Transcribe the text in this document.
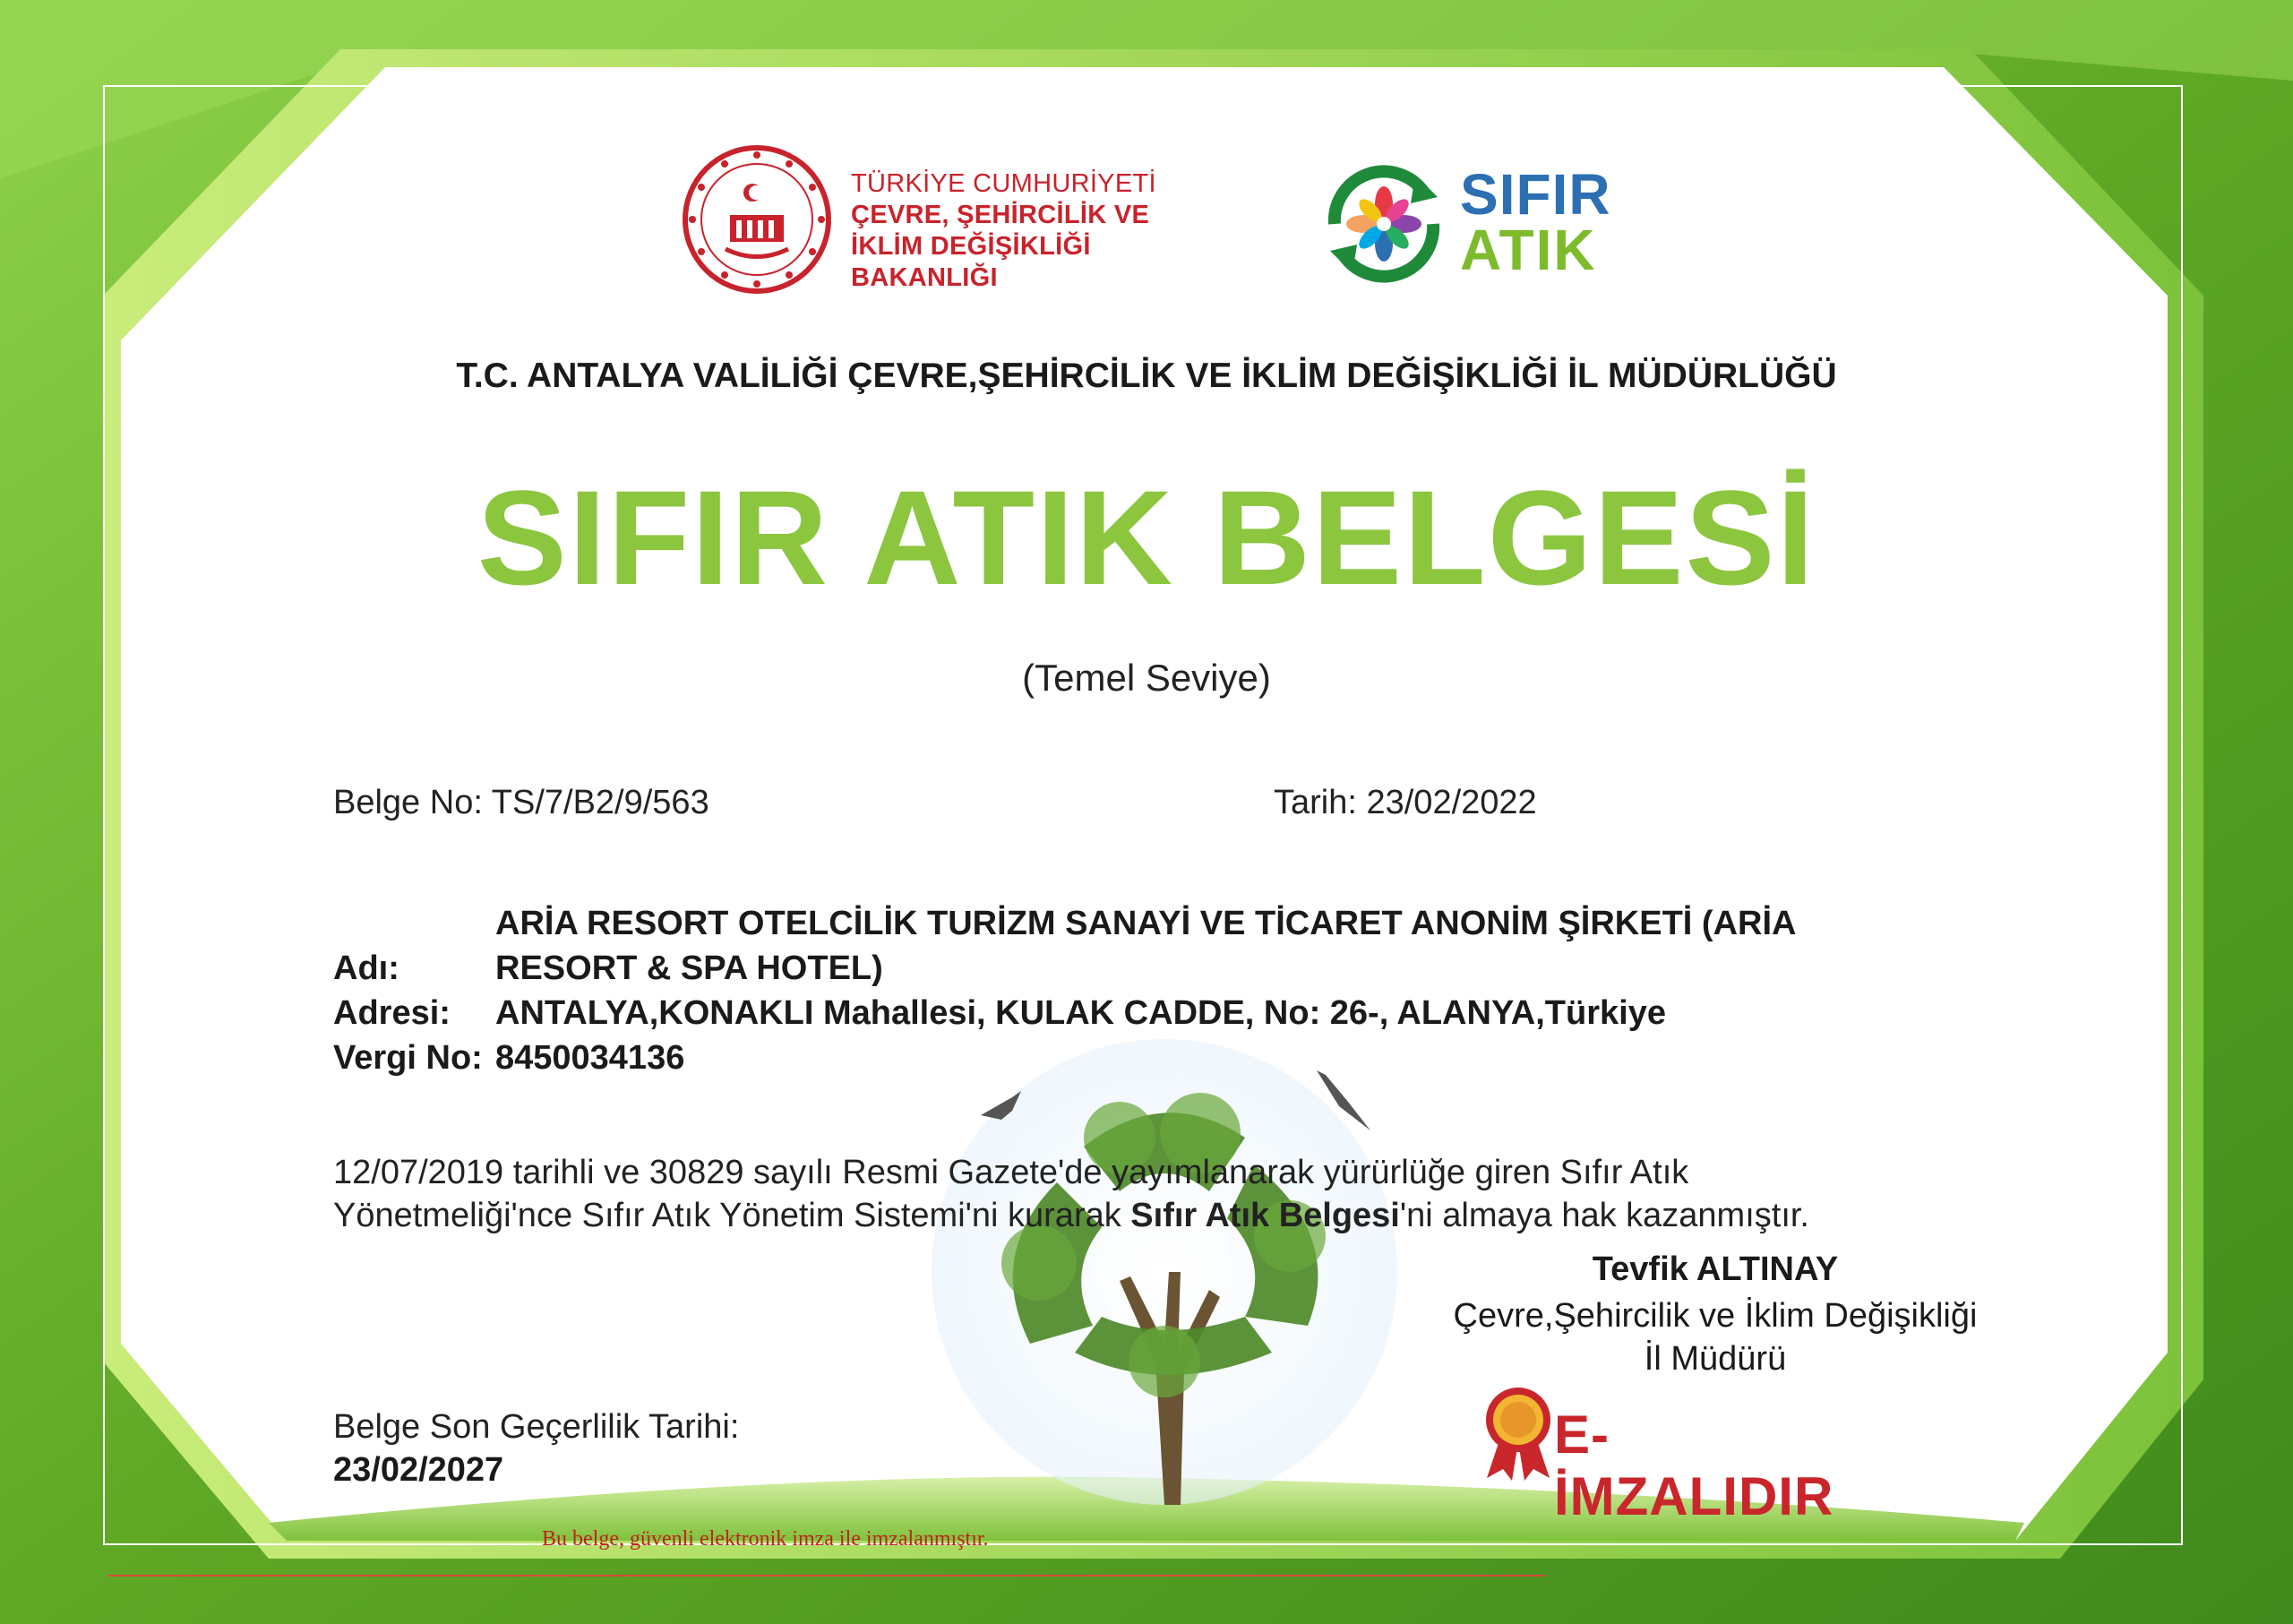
TÜRKİYE CUMHURİYETİ
ÇEVRE, ŞEHİRCİLİK VE
İKLİM DEĞİŞİKLİĞİ BAKANLIĞI
SIFIR
ATIK
T.C. ANTALYA VALİLİĞİ ÇEVRE,ŞEHİRCİLİK VE İKLİM DEĞİŞİKLİĞİ İL MÜDÜRLÜĞÜ
SIFIR ATIK BELGESİ
(Temel Seviye)
Belge No: TS/7/B2/9/563	Tarih: 23/02/2022
ARİA RESORT OTELCİLİK TURİZM SANAYİ VE TİCARET ANONİM ŞİRKETİ (ARİA
Adı:	RESORT & SPA HOTEL)
Adresi: ANTALYA,KONAKLI Mahallesi, KULAK CADDE, No: 26-, ALANYA,Türkiye
Vergi No: 8450034136
12/07/2019 tarihli ve 30829 sayılı Resmi Gazete'de yayımlanarak yürürlüğe giren Sıfır Atık
Yönetmeliği'nce Sıfır Atık Yönetim Sistemi'ni kurarak Sıfır Atık Belgesi'ni almaya hak kazanmıştır.
Tevfik ALTINAY
Çevre,Şehircilik ve İklim Değişikliği
İl Müdürü
E-İMZALIDIR
Belge Son Geçerlilik Tarihi:
23/02/2027
Bu belge, güvenli elektronik imza ile imzalanmıştır.
